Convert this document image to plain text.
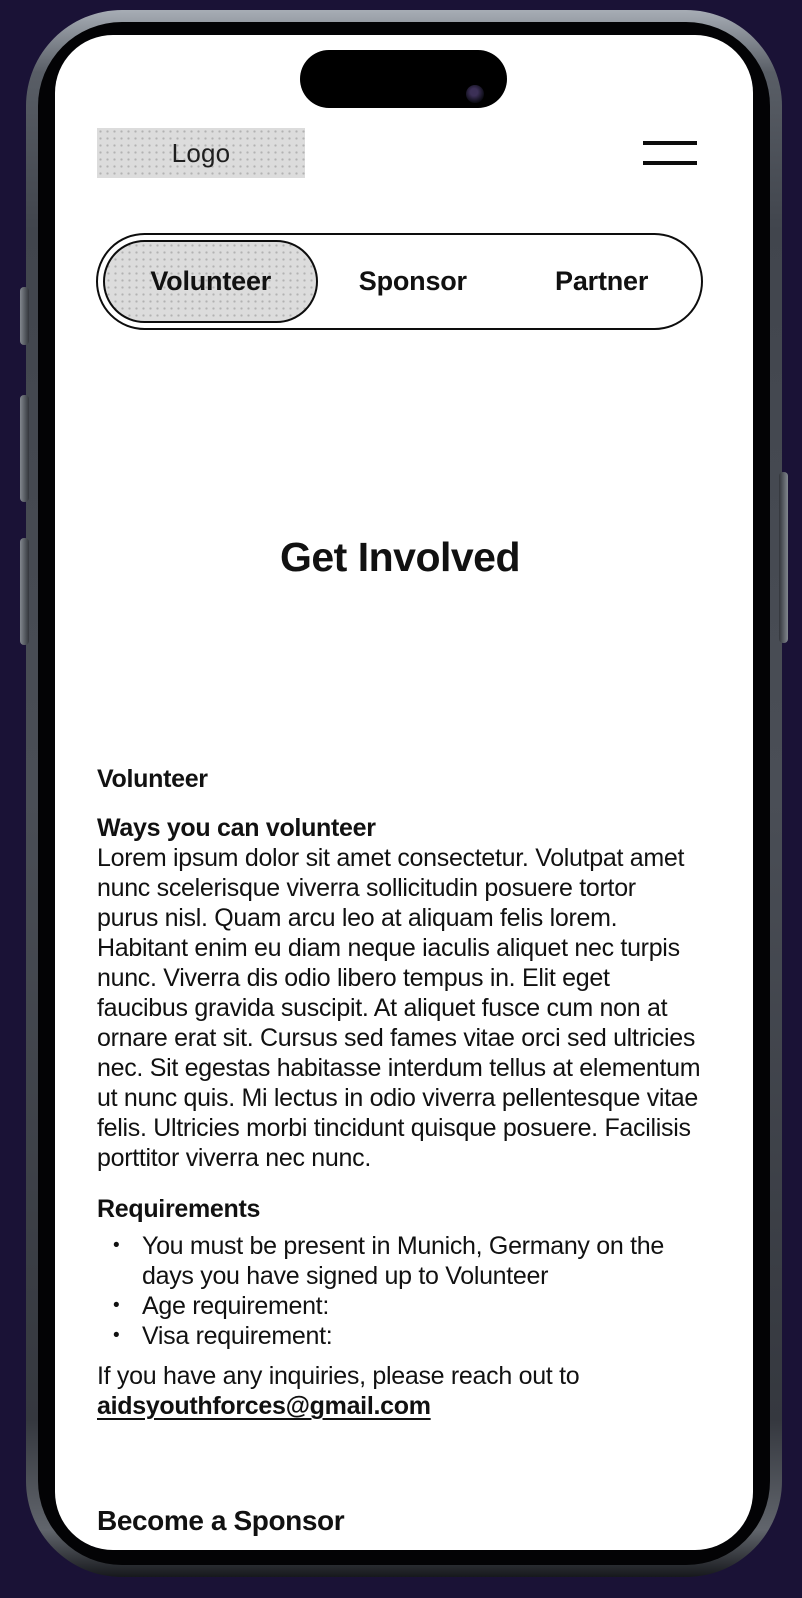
Logo
Volunteer	Sponsor	Partner
Get Involved
Volunteer

Ways you can volunteer
Lorem ipsum dolor sit amet consectetur. Volutpat amet nunc scelerisque viverra sollicitudin posuere tortor purus nisl. Quam arcu leo at aliquam felis lorem. Habitant enim eu diam neque iaculis aliquet nec turpis nunc. Viverra dis odio libero tempus in. Elit eget faucibus gravida suscipit. At aliquet fusce cum non at ornare erat sit. Cursus sed fames vitae orci sed ultricies nec. Sit egestas habitasse interdum tellus at elementum ut nunc quis. Mi lectus in odio viverra pellentesque vitae felis. Ultricies morbi tincidunt quisque posuere. Facilisis porttitor viverra nec nunc.

Requirements
• You must be present in Munich, Germany on the days you have signed up to Volunteer
• Age requirement:
• Visa requirement:

If you have any inquiries, please reach out to aidsyouthforces@gmail.com

Become a Sponsor
